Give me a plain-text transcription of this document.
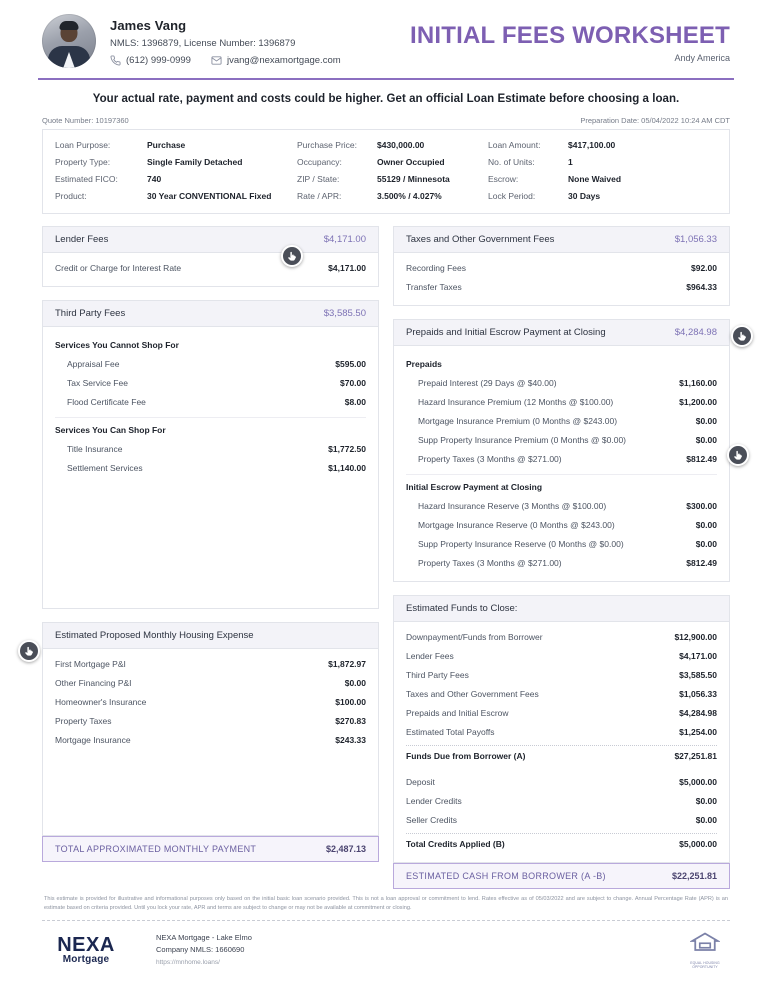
James Vang
NMLS: 1396879, License Number: 1396879
(612) 999-0999	jvang@nexamortgage.com
INITIAL FEES WORKSHEET
Andy America
Your actual rate, payment and costs could be higher. Get an official Loan Estimate before choosing a loan.
Quote Number: 10197360	Preparation Date: 05/04/2022 10:24 AM CDT
Loan Purpose:	Purchase	Purchase Price:	$430,000.00	Loan Amount:	$417,100.00
Property Type:	Single Family Detached	Occupancy:	Owner Occupied	No. of Units:	1
Estimated FICO:	740	ZIP / State:	55129 / Minnesota	Escrow:	None Waived
Product:	30 Year CONVENTIONAL Fixed	Rate / APR:	3.500% / 4.027%	Lock Period:	30 Days
Lender Fees	$4,171.00
Credit or Charge for Interest Rate	$4,171.00
Third Party Fees	$3,585.50
Services You Cannot Shop For
Appraisal Fee	$595.00
Tax Service Fee	$70.00
Flood Certificate Fee	$8.00
Services You Can Shop For
Title Insurance	$1,772.50
Settlement Services	$1,140.00
Estimated Proposed Monthly Housing Expense
First Mortgage P&I	$1,872.97
Other Financing P&I	$0.00
Homeowner's Insurance	$100.00
Property Taxes	$270.83
Mortgage Insurance	$243.33
TOTAL APPROXIMATED MONTHLY PAYMENT	$2,487.13
Taxes and Other Government Fees	$1,056.33
Recording Fees	$92.00
Transfer Taxes	$964.33
Prepaids and Initial Escrow Payment at Closing	$4,284.98
Prepaids
Prepaid Interest (29 Days @ $40.00)	$1,160.00
Hazard Insurance Premium (12 Months @ $100.00)	$1,200.00
Mortgage Insurance Premium (0 Months @ $243.00)	$0.00
Supp Property Insurance Premium (0 Months @ $0.00)	$0.00
Property Taxes (3 Months @ $271.00)	$812.49
Initial Escrow Payment at Closing
Hazard Insurance Reserve (3 Months @ $100.00)	$300.00
Mortgage Insurance Reserve (0 Months @ $243.00)	$0.00
Supp Property Insurance Reserve (0 Months @ $0.00)	$0.00
Property Taxes (3 Months @ $271.00)	$812.49
Estimated Funds to Close:
Downpayment/Funds from Borrower	$12,900.00
Lender Fees	$4,171.00
Third Party Fees	$3,585.50
Taxes and Other Government Fees	$1,056.33
Prepaids and Initial Escrow	$4,284.98
Estimated Total Payoffs	$1,254.00
Funds Due from Borrower (A)	$27,251.81
Deposit	$5,000.00
Lender Credits	$0.00
Seller Credits	$0.00
Total Credits Applied (B)	$5,000.00
ESTIMATED CASH FROM BORROWER (A -B)	$22,251.81
This estimate is provided for illustrative and informational purposes only based on the initial basic loan scenario provided. This is not a loan approval or commitment to lend. Rates effective as of 05/03/2022 and are subject to change. Annual Percentage Rate (APR) is an estimate based on criteria provided. Until you lock your rate, APR and terms are subject to change or may not be available at commitment or closing.
NEXA
Mortgage
NEXA Mortgage - Lake Elmo
Company NMLS: 1660690
https://mnhome.loans/	EQUAL HOUSING OPPORTUNITY
